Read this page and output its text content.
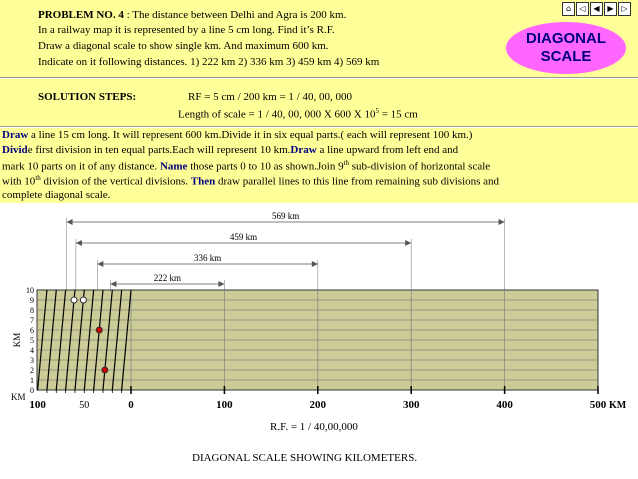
PROBLEM NO. 4 : The distance between Delhi and Agra is 200 km.
In a railway map it is represented by a line 5 cm long. Find it’s R.F.
Draw a diagonal scale to show single km. And maximum 600 km.
Indicate on it following distances. 1) 222 km 2) 336 km 3) 459 km 4) 569 km
DIAGONAL
SCALE
⌂	◁ ◀ ▶ ▷
SOLUTION STEPS:	RF = 5 cm / 200 km = 1 / 40, 00, 000
Length of scale = 1 / 40, 00, 000 X 600 X $10^5 = 15$ cm
Draw a line 15 cm long. It will represent 600 km.Divide it in six equal parts.( each will represent 100 km.)
Divide first division in ten equal parts.Each will represent 10 km.Draw a line upward from left end and
mark 10 parts on it of any distance. Name those parts 0 to 10 as shown.Join 9th sub-division of horizontal scale
with 10th division of the vertical divisions. Then draw parallel lines to this line from remaining sub divisions and
complete diagonal scale.
569 km
459 km
336 km
222 km
0
1
2
3
4
5
6
7
8
9
10
KM
100	50	0	100	200	300	400	500
KM
KM
R.F. = 1 / 40,00,000
DIAGONAL SCALE SHOWING KILOMETERS.
